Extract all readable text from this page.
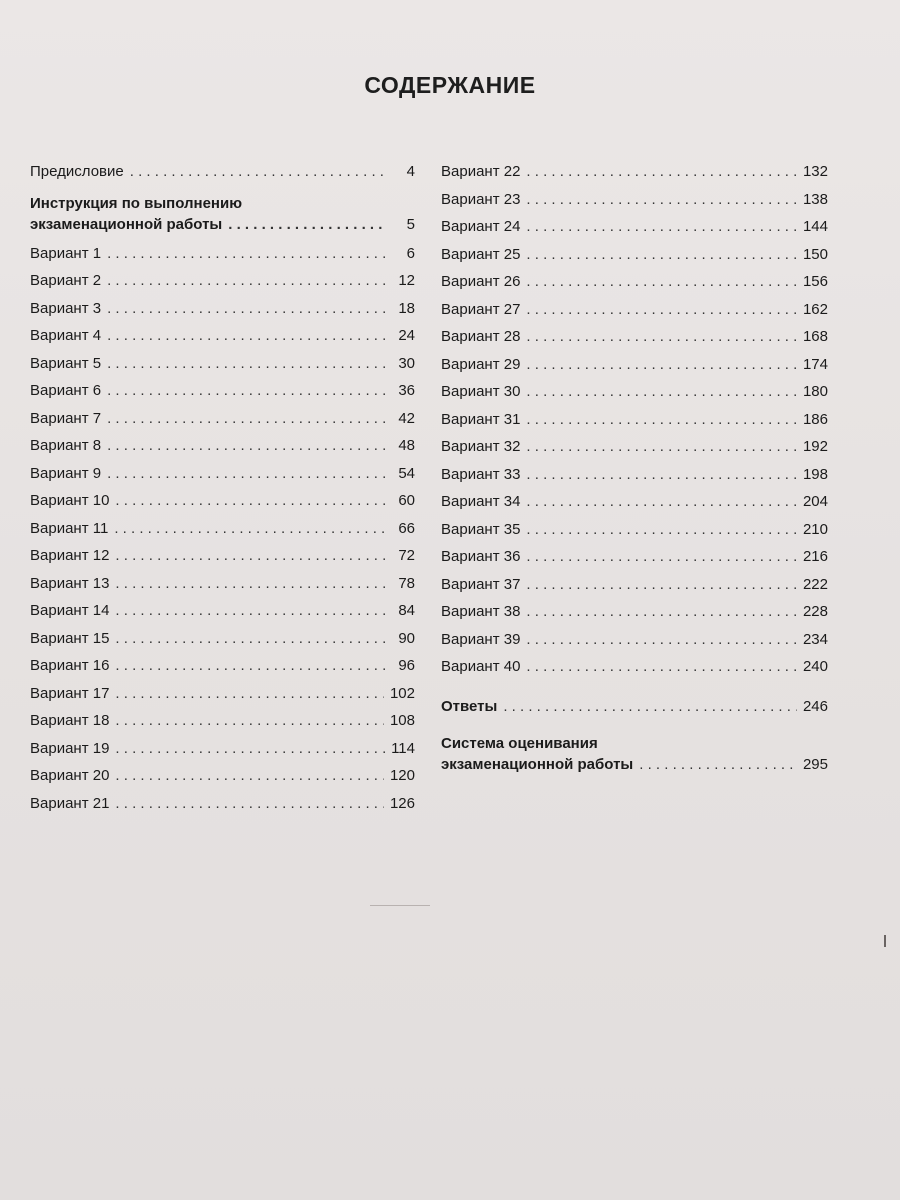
СОДЕРЖАНИЕ
Предисловие . . .	4
Инструкция по выполнению
экзаменационной работы . . .	5
Вариант 1 . . .	6
Вариант 2 . . .	12
Вариант 3 . . .	18
Вариант 4 . . .	24
Вариант 5 . . .	30
Вариант 6 . . .	36
Вариант 7 . . .	42
Вариант 8 . . .	48
Вариант 9 . . .	54
Вариант 10 . . .	60
Вариант 11 . . .	66
Вариант 12 . . .	72
Вариант 13 . . .	78
Вариант 14 . . .	84
Вариант 15 . . .	90
Вариант 16 . . .	96
Вариант 17 . . .	102
Вариант 18 . . .	108
Вариант 19 . . .	114
Вариант 20 . . .	120
Вариант 21 . . .	126
Вариант 22 . . .	132
Вариант 23 . . .	138
Вариант 24 . . .	144
Вариант 25 . . .	150
Вариант 26 . . .	156
Вариант 27 . . .	162
Вариант 28 . . .	168
Вариант 29 . . .	174
Вариант 30 . . .	180
Вариант 31 . . .	186
Вариант 32 . . .	192
Вариант 33 . . .	198
Вариант 34 . . .	204
Вариант 35 . . .	210
Вариант 36 . . .	216
Вариант 37 . . .	222
Вариант 38 . . .	228
Вариант 39 . . .	234
Вариант 40 . . .	240
Ответы . . .	246
Система оценивания
экзаменационной работы . . .	295
